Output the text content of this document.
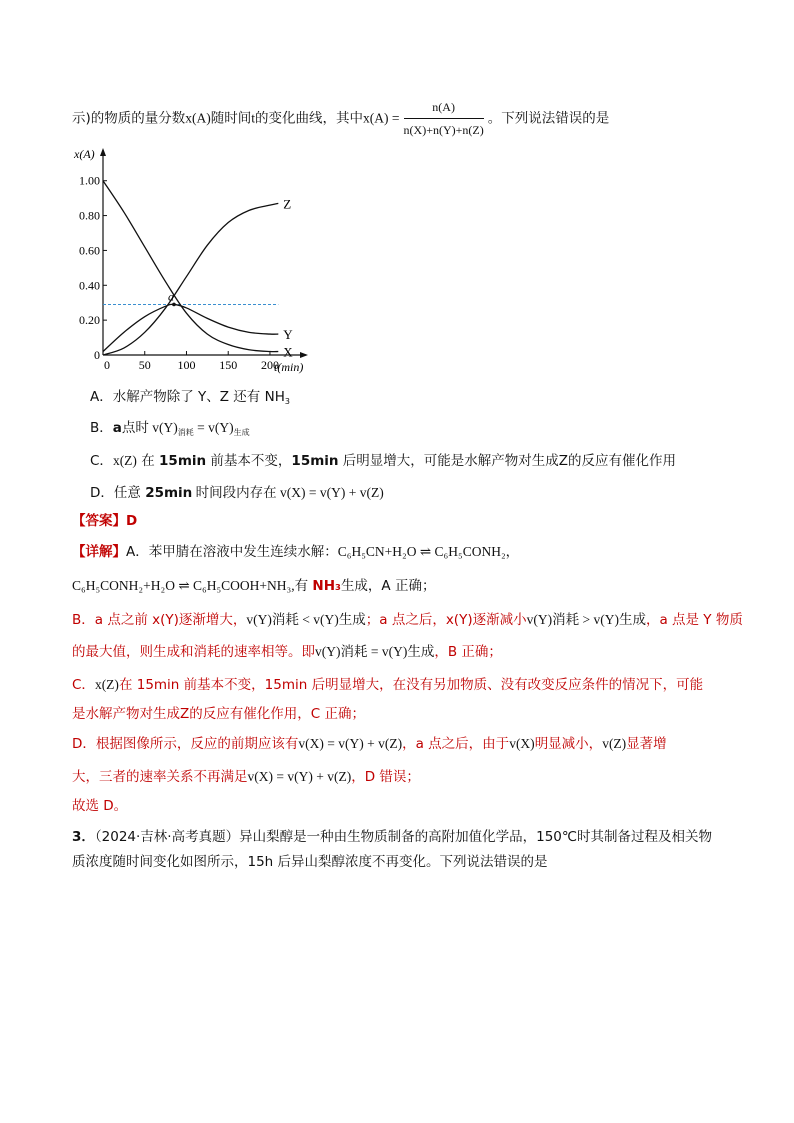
示)的物质的量分数x(A)随时间t的变化曲线，其中$x(A) = \frac{n(A)}{n(X)+n(Y)+n(Z)}$ 。下列说法错误的是
0
0.20
0.40
0.60
0.80
1.00
0 50 100 150 200
x(A)
t(min)
X
Y
Z
a
A．水解产物除了 Y、Z 还有 $NH_3$
B．a点时 $v(Y)_{消耗} = v(Y)_{生成}$
C．x(Z) 在 15min 前基本不变，15min 后明显增大，可能是水解产物对生成Z的反应有催化作用
D．任意 25min 时间段内存在 v(X) = v(Y) + v(Z)
【答案】D
【详解】A．苯甲腈在溶液中发生连续水解：C₆H₅CN+H₂O ⇌ C₆H₅CONH₂，
C₆H₅CONH₂+H₂O ⇌ C₆H₅COOH+NH₃,有 NH₃生成，A 正确；
B．a 点之前 x(Y)逐渐增大，v(Y)消耗 < v(Y)生成；a 点之后，x(Y)逐渐减小v(Y)消耗 > v(Y)生成，a 点是 Y 物质
的最大值，则生成和消耗的速率相等。即v(Y)消耗 = v(Y)生成，B 正确；
C．x(Z)在 15min 前基本不变，15min 后明显增大，在没有另加物质、没有改变反应条件的情况下，可能
是水解产物对生成Z的反应有催化作用，C 正确；
D．根据图像所示，反应的前期应该有v(X) = v(Y) + v(Z)，a 点之后，由于v(X)明显减小，v(Z)显著增
大，三者的速率关系不再满足v(X) = v(Y) + v(Z)，D 错误；
故选 D。
3．（2024·吉林·高考真题）异山梨醇是一种由生物质制备的高附加值化学品，150℃时其制备过程及相关物
质浓度随时间变化如图所示，15h 后异山梨醇浓度不再变化。下列说法错误的是
